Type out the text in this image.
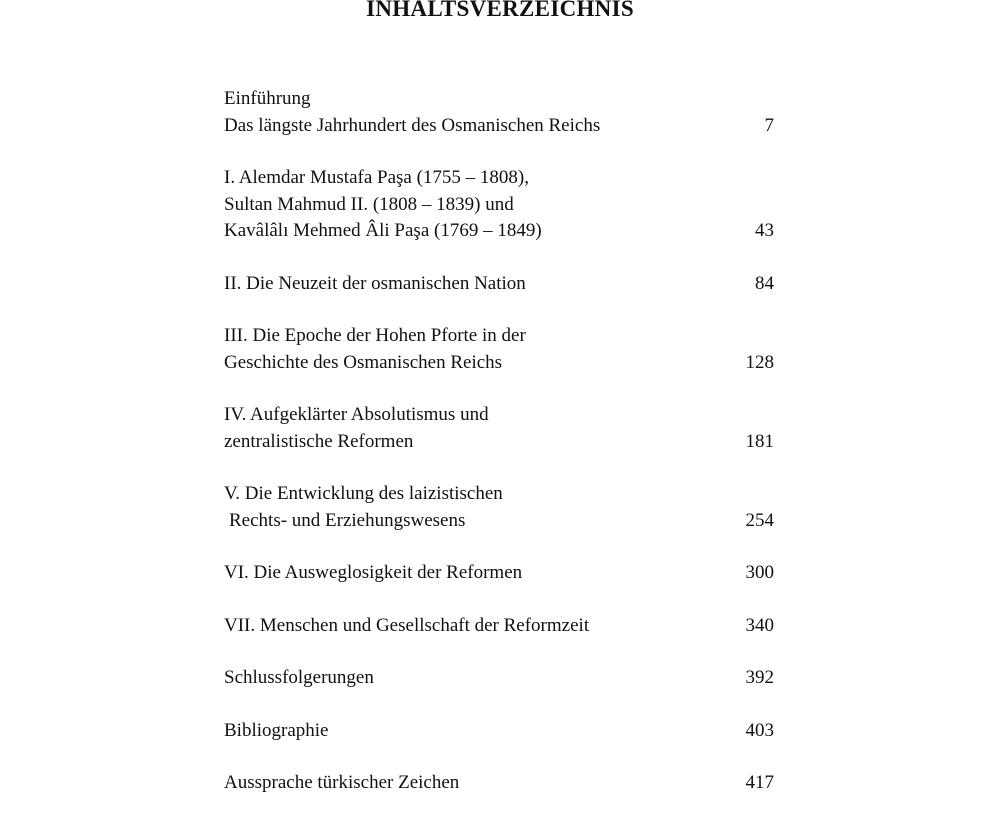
INHALTSVERZEICHNIS
Einführung
Das längste Jahrhundert des Osmanischen Reichs	7
I. Alemdar Mustafa Paşa (1755 – 1808),
Sultan Mahmud II. (1808 – 1839) und
Kavâlâlı Mehmed Âli Paşa (1769 – 1849)	43
II. Die Neuzeit der osmanischen Nation	84
III. Die Epoche der Hohen Pforte in der
Geschichte des Osmanischen Reichs	128
IV. Aufgeklärter Absolutismus und
zentralistische Reformen	181
V. Die Entwicklung des laizistischen
Rechts- und Erziehungswesens	254
VI. Die Ausweglosigkeit der Reformen	300
VII. Menschen und Gesellschaft der Reformzeit	340
Schlussfolgerungen	392
Bibliographie	403
Aussprache türkischer Zeichen	417
